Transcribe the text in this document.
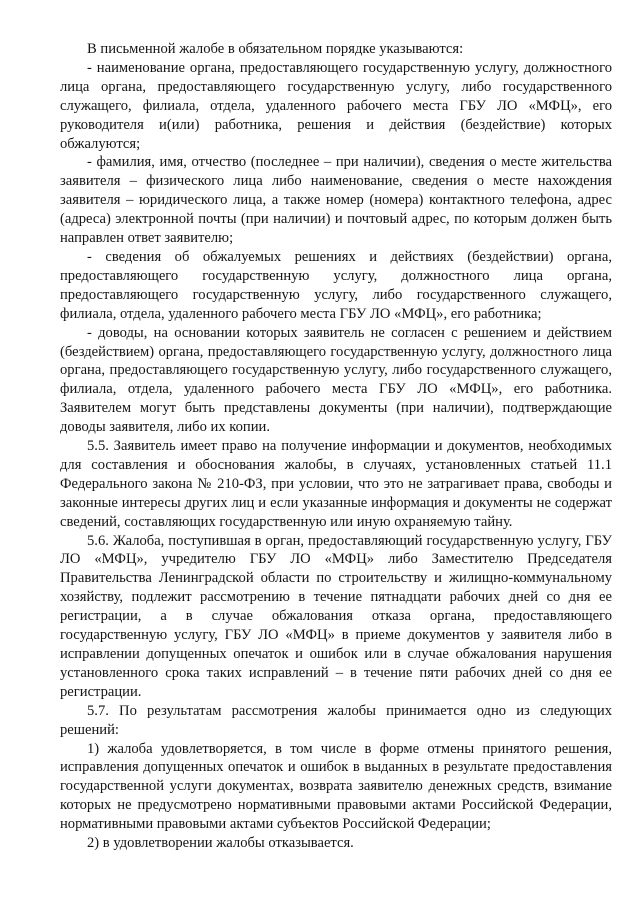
В письменной жалобе в обязательном порядке указываются:

- наименование органа, предоставляющего государственную услугу, должностного лица органа, предоставляющего государственную услугу, либо государственного служащего, филиала, отдела, удаленного рабочего места ГБУ ЛО «МФЦ», его руководителя и(или) работника, решения и действия (бездействие) которых обжалуются;

- фамилия, имя, отчество (последнее – при наличии), сведения о месте жительства заявителя – физического лица либо наименование, сведения о месте нахождения заявителя – юридического лица, а также номер (номера) контактного телефона, адрес (адреса) электронной почты (при наличии) и почтовый адрес, по которым должен быть направлен ответ заявителю;

- сведения об обжалуемых решениях и действиях (бездействии) органа, предоставляющего государственную услугу, должностного лица органа, предоставляющего государственную услугу, либо государственного служащего, филиала, отдела, удаленного рабочего места ГБУ ЛО «МФЦ», его работника;

- доводы, на основании которых заявитель не согласен с решением и действием (бездействием) органа, предоставляющего государственную услугу, должностного лица органа, предоставляющего государственную услугу, либо государственного служащего, филиала, отдела, удаленного рабочего места ГБУ ЛО «МФЦ», его работника. Заявителем могут быть представлены документы (при наличии), подтверждающие доводы заявителя, либо их копии.

5.5. Заявитель имеет право на получение информации и документов, необходимых для составления и обоснования жалобы, в случаях, установленных статьей 11.1 Федерального закона № 210-ФЗ, при условии, что это не затрагивает права, свободы и законные интересы других лиц и если указанные информация и документы не содержат сведений, составляющих государственную или иную охраняемую тайну.

5.6. Жалоба, поступившая в орган, предоставляющий государственную услугу, ГБУ ЛО «МФЦ», учредителю ГБУ ЛО «МФЦ» либо Заместителю Председателя Правительства Ленинградской области по строительству и жилищно-коммунальному хозяйству, подлежит рассмотрению в течение пятнадцати рабочих дней со дня ее регистрации, а в случае обжалования отказа органа, предоставляющего государственную услугу, ГБУ ЛО «МФЦ» в приеме документов у заявителя либо в исправлении допущенных опечаток и ошибок или в случае обжалования нарушения установленного срока таких исправлений – в течение пяти рабочих дней со дня ее регистрации.

5.7. По результатам рассмотрения жалобы принимается одно из следующих решений:

1) жалоба удовлетворяется, в том числе в форме отмены принятого решения, исправления допущенных опечаток и ошибок в выданных в результате предоставления государственной услуги документах, возврата заявителю денежных средств, взимание которых не предусмотрено нормативными правовыми актами Российской Федерации, нормативными правовыми актами субъектов Российской Федерации;

2) в удовлетворении жалобы отказывается.
